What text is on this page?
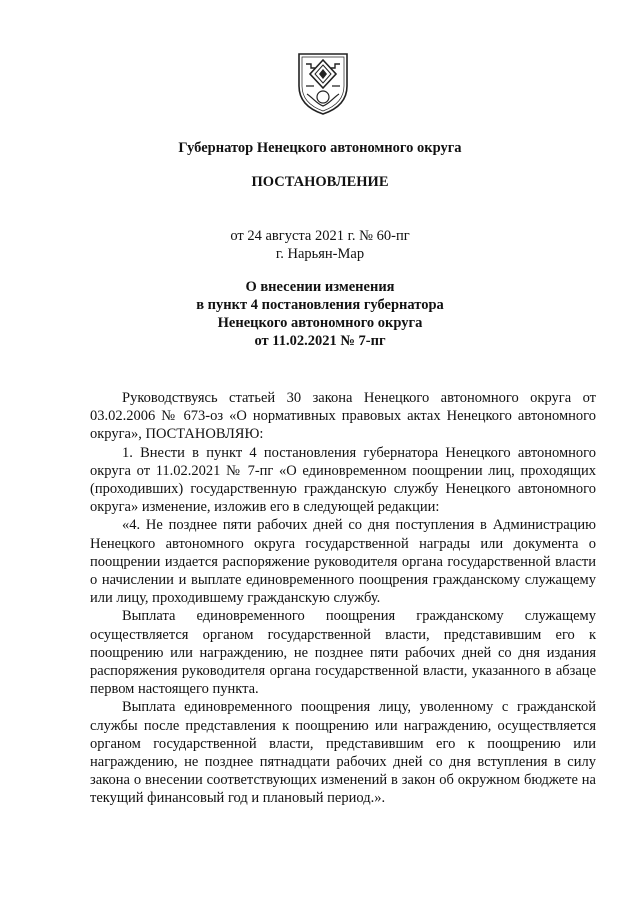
Губернатор Ненецкого автономного округа
ПОСТАНОВЛЕНИЕ
от 24 августа 2021 г. № 60-пг
г. Нарьян-Мар
О внесении изменения
в пункт 4 постановления губернатора
Ненецкого автономного округа
от 11.02.2021 № 7-пг

Руководствуясь статьей 30 закона Ненецкого автономного округа от 03.02.2006 № 673-оз «О нормативных правовых актах Ненецкого автономного округа», ПОСТАНОВЛЯЮ:

1. Внести в пункт 4 постановления губернатора Ненецкого автономного округа от 11.02.2021 № 7-пг «О единовременном поощрении лиц, проходящих (проходивших) государственную гражданскую службу Ненецкого автономного округа» изменение, изложив его в следующей редакции:

«4. Не позднее пяти рабочих дней со дня поступления в Администрацию Ненецкого автономного округа государственной награды или документа о поощрении издается распоряжение руководителя органа государственной власти о начислении и выплате единовременного поощрения гражданскому служащему или лицу, проходившему гражданскую службу.

Выплата единовременного поощрения гражданскому служащему осуществляется органом государственной власти, представившим его к поощрению или награждению, не позднее пяти рабочих дней со дня издания распоряжения руководителя органа государственной власти, указанного в абзаце первом настоящего пункта.

Выплата единовременного поощрения лицу, уволенному с гражданской службы после представления к поощрению или награждению, осуществляется органом государственной власти, представившим его к поощрению или награждению, не позднее пятнадцати рабочих дней со дня вступления в силу закона о внесении соответствующих изменений в закон об окружном бюджете на текущий финансовый год и плановый период.».
